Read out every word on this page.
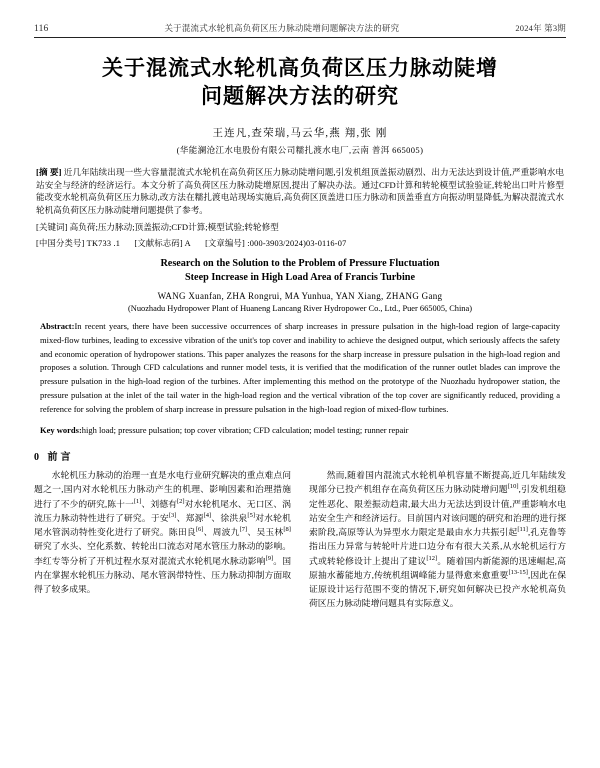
116	关于混流式水轮机高负荷区压力脉动陡增问题解决方法的研究	2024年 第3期
关于混流式水轮机高负荷区压力脉动陡增
问题解决方法的研究
王连凡,查荣瑞,马云华,燕 翔,张 刚
(华能澜沧江水电股份有限公司糯扎渡水电厂,云南 普洱 665005)
[摘 要] 近几年陆续出现一些大容量混流式水轮机在高负荷区压力脉动陡增问题,引发机组顶盖振动剧烈、出力无法达到设计值,严重影响水电站安全与经济的经济运行。本文分析了高负荷区压力脉动陡增原因,提出了解决办法。通过CFD计算和转轮模型试验验证,转轮出口叶片修型能改变水轮机高负荷区压力脉动,改方法在糯扎渡电站现场实施后,高负荷区顶盖进口压力脉动和顶盖垂直方向振动明显降低,为解决混流式水轮机高负荷区压力脉动陡增问题提供了参考。
[关键词] 高负荷;压力脉动;顶盖振动;CFD计算;模型试验;转轮修型
[中国分类号] TK733 .1 [文献标志码] A [文章编号] :000-3903/2024)03-0116-07
Research on the Solution to the Problem of Pressure Fluctuation
Steep Increase in High Load Area of Francis Turbine
WANG Xuanfan, ZHA Rongrui, MA Yunhua, YAN Xiang, ZHANG Gang
(Nuozhadu Hydropower Plant of Huaneng Lancang River Hydropower Co., Ltd., Puer 665005, China)
Abstract:In recent years, there have been successive occurrences of sharp increases in pressure pulsation in the high-load region of large-capacity mixed-flow turbines, leading to excessive vibration of the unit's top cover and inability to achieve the designed output, which seriously affects the safety and economic operation of hydropower stations. This paper analyzes the reasons for the sharp increase in pressure pulsation in the high-load region and proposes a solution. Through CFD calculations and runner model tests, it is verified that the modification of the runner outlet blades can improve the pressure pulsation in the high-load region of the turbines. After implementing this method on the prototype of the Nuozhadu hydropower station, the pressure pulsation at the inlet of the tail water in the high-load region and the vertical vibration of the top cover are significantly reduced, providing a reference for solving the problem of sharp increase in pressure pulsation in the high-load region of mixed-flow turbines.
Key words:high load; pressure pulsation; top cover vibration; CFD calculation; model testing; runner repair
0 前言

水轮机压力脉动的治理一直是水电行业研究解决的重点难点问题之一,国内对水轮机压力脉动产生的机理、影响因素和治理措施进行了不少的研究,陈十一[1]、刘德有[2]对水轮机尾水、无口区、涡流压力脉动特性进行了研究。于安[3]、郑源[4]、徐洪泉[5]对水轮机尾水管涡动特性变化进行了研究。陈田良[6]、周波九[7]、吴玉林[8]研究了水头、空化系数、转轮出口流态对尾水管压力脉动的影响。李红专等分析了开机过程水泵对混流式水轮机尾水脉动影响[9]。国内在掌握水轮机压力脉动、尾水管涡带特性、压力脉动抑制方面取得了较多成果。

然而,随着国内混流式水轮机单机容量不断提高,近几年陆续发现部分已投产机组存在高负荷区压力脉动陡增问题[10],引发机组稳定性恶化、限差振动趋肃,最大出力无法达到设计值,严重影响水电站安全生产和经济运行。目前国内对该问题的研究和治理的进行探索阶段,高原等认为异型水力限定是最由水力共振引起[11],孔克鲁等指出压力异常与转轮叶片进口边分布有很大关系,从水轮机运行方式或转轮修设计上提出了建议[12]。随着国内新能源的迅速崛起,高原抽水蓄能地方,传统机组调峰能力显得愈来愈重要[13-15],因此在保证原设计运行范围不变的情况下,研究如何解决已投产水轮机高负荷区压力脉动陡增问题具有实际意义。
